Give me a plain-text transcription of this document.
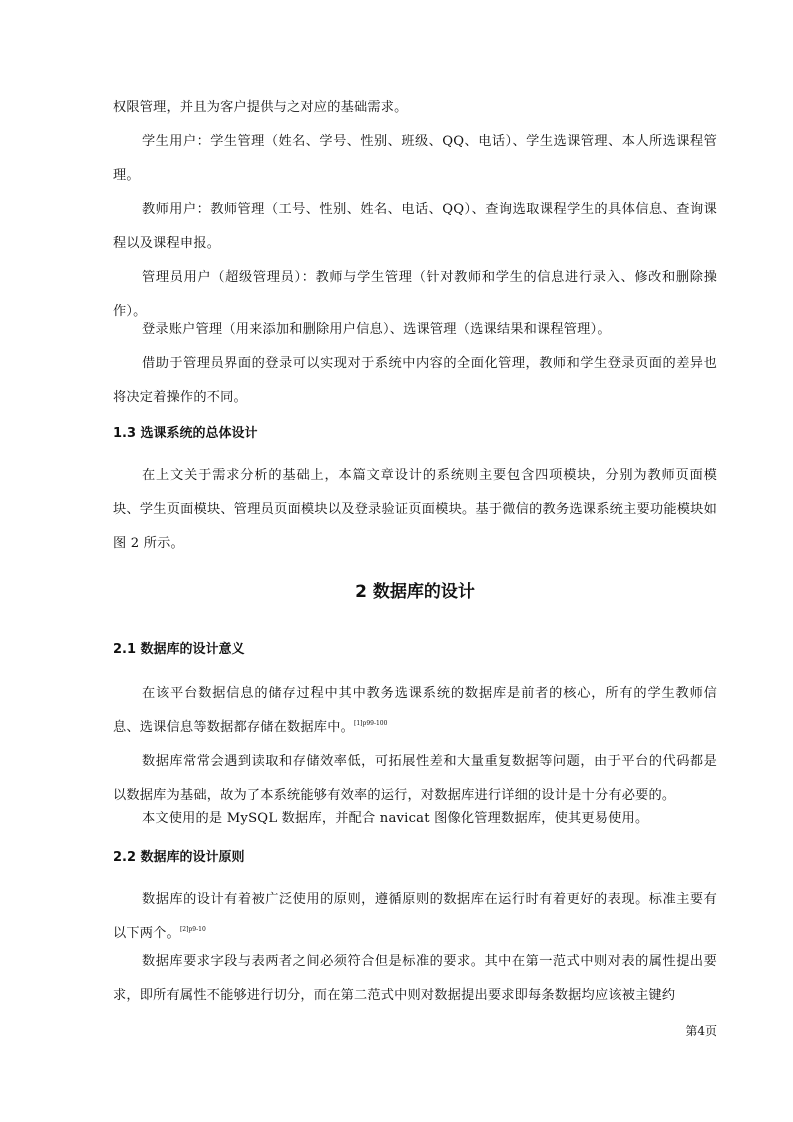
权限管理，并且为客户提供与之对应的基础需求。

学生用户：学生管理（姓名、学号、性别、班级、QQ、电话）、学生选课管理、本人所选课程管理。

教师用户：教师管理（工号、性别、姓名、电话、QQ）、查询选取课程学生的具体信息、查询课程以及课程申报。

管理员用户（超级管理员）：教师与学生管理（针对教师和学生的信息进行录入、修改和删除操作）。

登录账户管理（用来添加和删除用户信息）、选课管理（选课结果和课程管理）。

借助于管理员界面的登录可以实现对于系统中内容的全面化管理，教师和学生登录页面的差异也将决定着操作的不同。

1.3 选课系统的总体设计

在上文关于需求分析的基础上，本篇文章设计的系统则主要包含四项模块，分别为教师页面模块、学生页面模块、管理员页面模块以及登录验证页面模块。基于微信的教务选课系统主要功能模块如图 2 所示。

2 数据库的设计
2.1 数据库的设计意义

在该平台数据信息的储存过程中其中教务选课系统的数据库是前者的核心，所有的学生教师信息、选课信息等数据都存储在数据库中。$^{[1]p99-100}$

数据库常常会遇到读取和存储效率低，可拓展性差和大量重复数据等问题，由于平台的代码都是以数据库为基础，故为了本系统能够有效率的运行，对数据库进行详细的设计是十分有必要的。

本文使用的是 MySQL 数据库，并配合 navicat 图像化管理数据库，使其更易使用。

2.2 数据库的设计原则

数据库的设计有着被广泛使用的原则，遵循原则的数据库在运行时有着更好的表现。标准主要有以下两个。$^{[2]p9-10}$

数据库要求字段与表两者之间必须符合但是标准的要求。其中在第一范式中则对表的属性提出要求，即所有属性不能够进行切分，而在第二范式中则对数据提出要求即每条数据均应该被主键约

第4页
